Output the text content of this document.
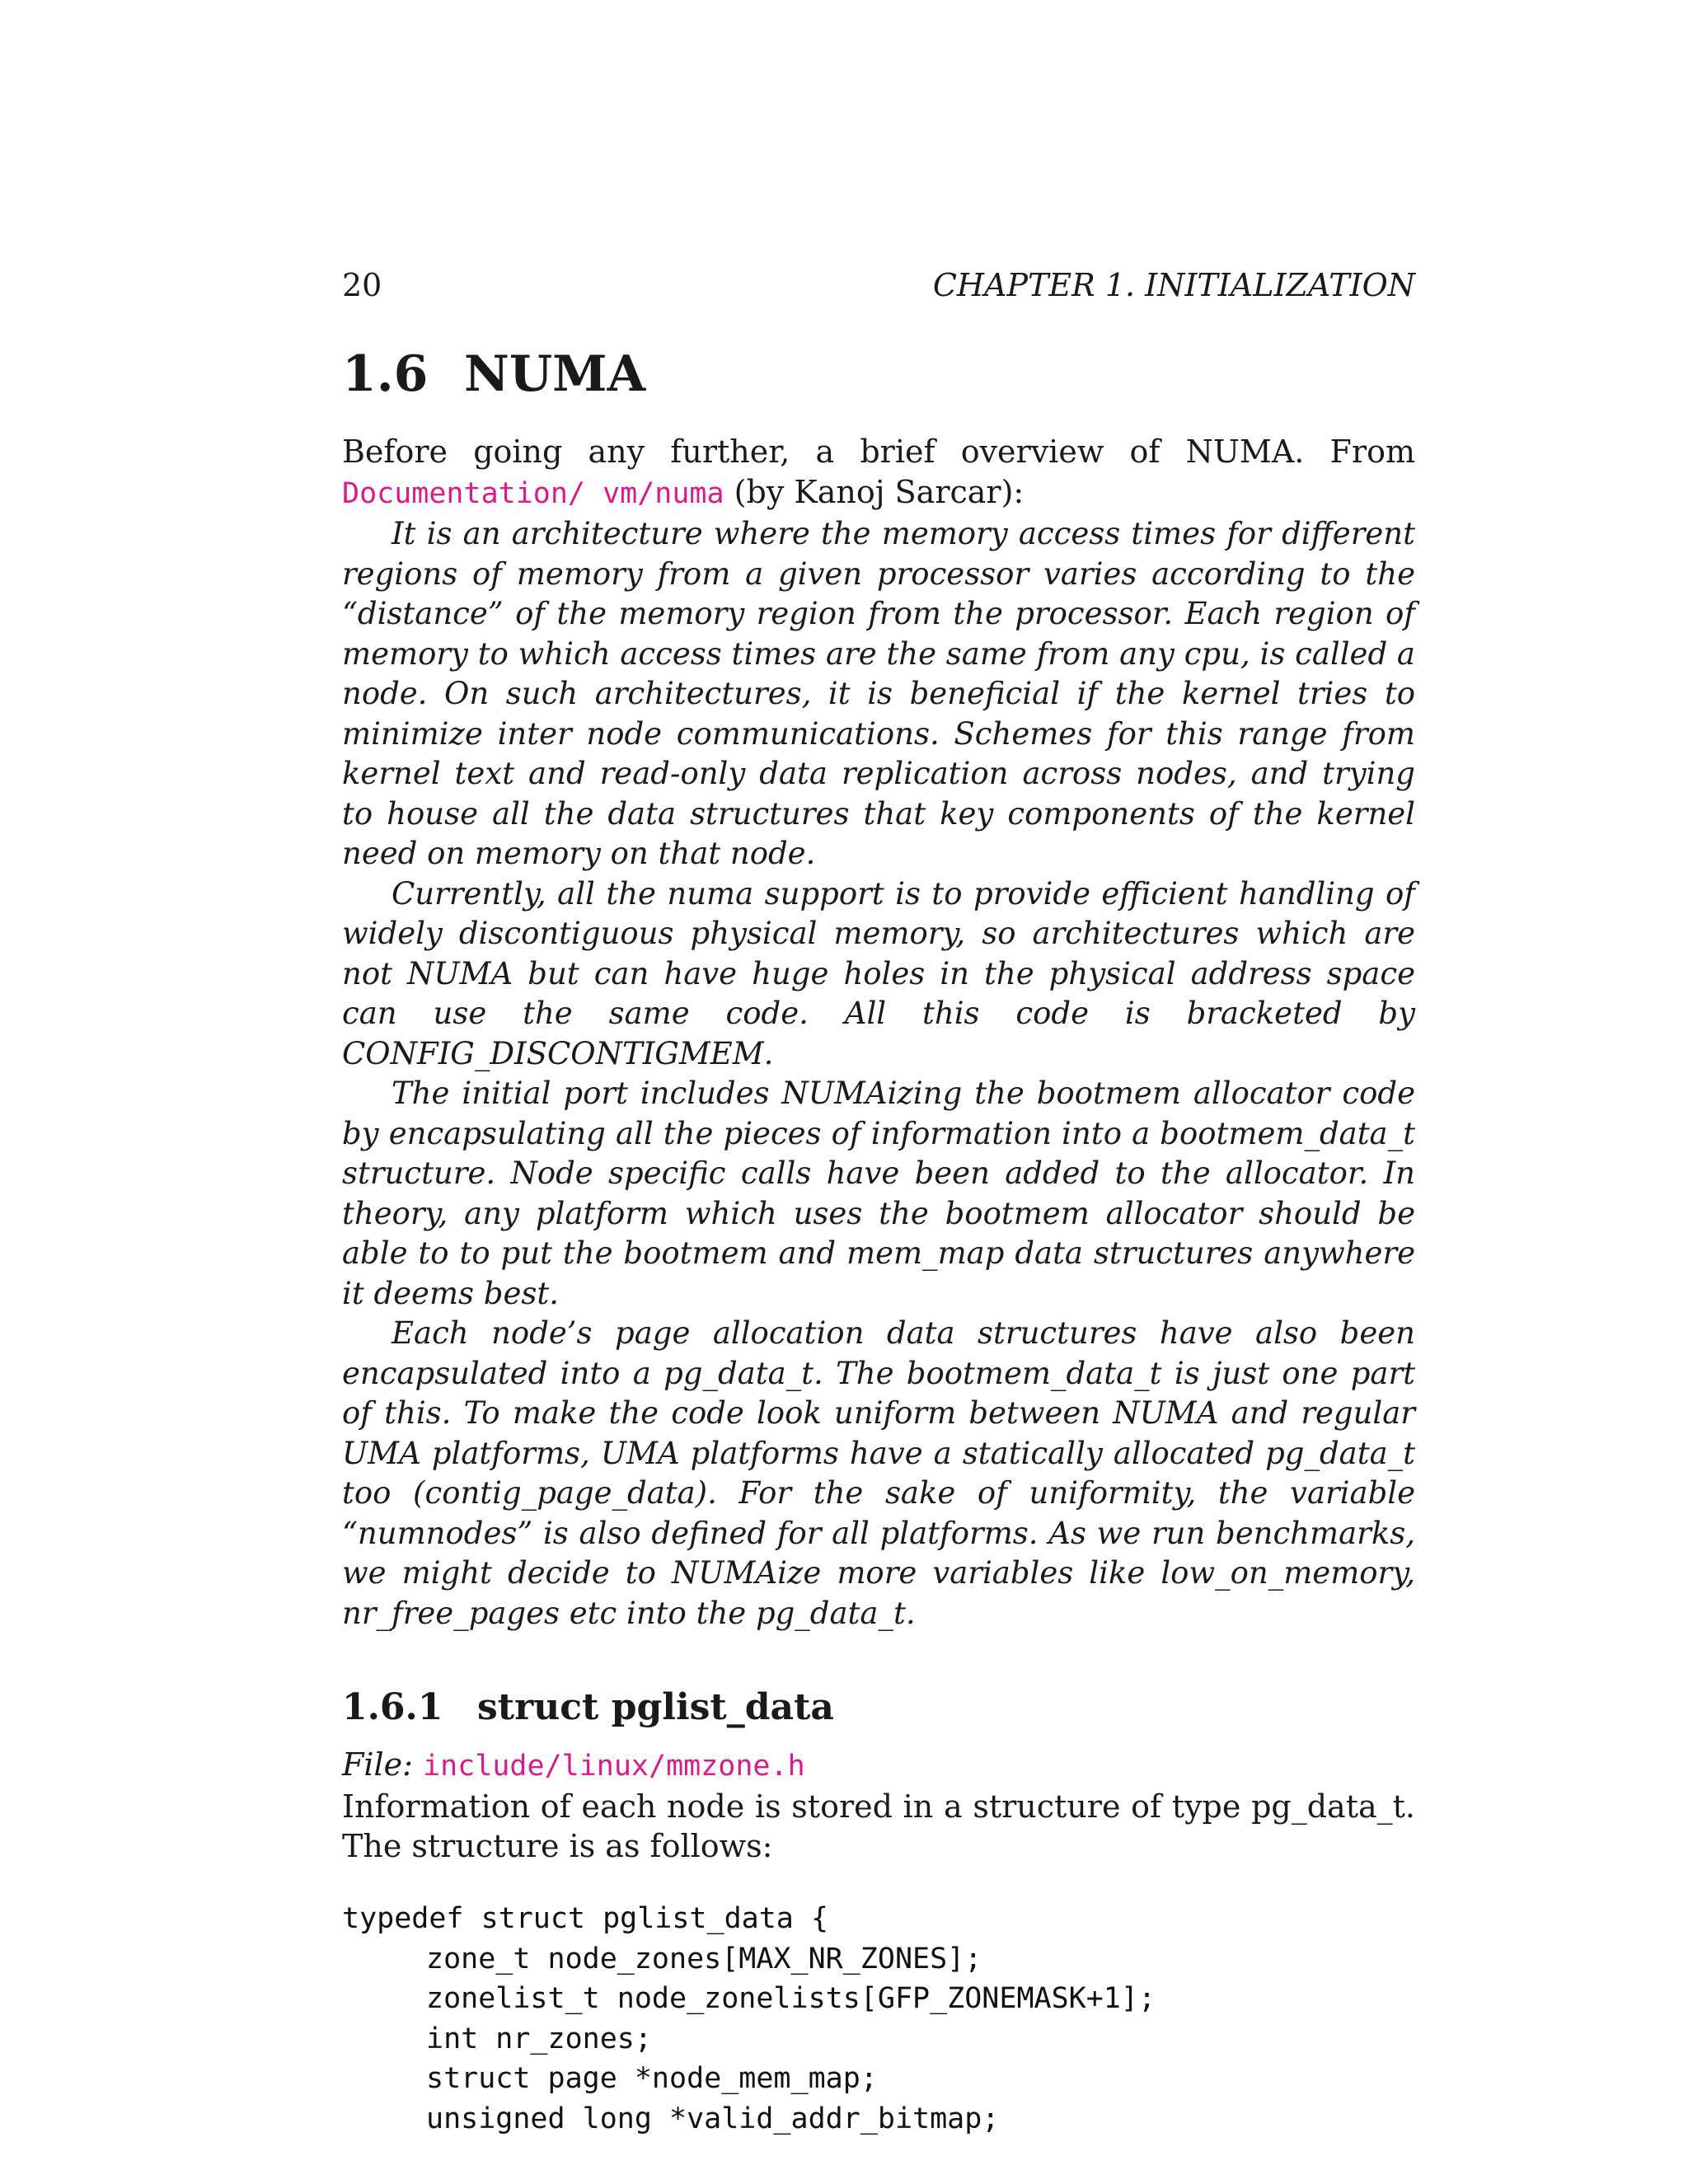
20	CHAPTER 1. INITIALIZATION
1.6 NUMA
Before going any further, a brief overview of NUMA. From Documentation/ vm/numa (by Kanoj Sarcar):

It is an architecture where the memory access times for different regions of memory from a given processor varies according to the “distance” of the memory region from the processor. Each region of memory to which access times are the same from any cpu, is called a node. On such architectures, it is beneficial if the kernel tries to minimize inter node communications. Schemes for this range from kernel text and read-only data replication across nodes, and trying to house all the data structures that key components of the kernel need on memory on that node.

Currently, all the numa support is to provide efficient handling of widely discontiguous physical memory, so architectures which are not NUMA but can have huge holes in the physical address space can use the same code. All this code is bracketed by CONFIG_DISCONTIGMEM.

The initial port includes NUMAizing the bootmem allocator code by encapsulating all the pieces of information into a bootmem_data_t structure. Node specific calls have been added to the allocator. In theory, any platform which uses the bootmem allocator should be able to to put the bootmem and mem_map data structures anywhere it deems best.

Each node’s page allocation data structures have also been encapsulated into a pg_data_t. The bootmem_data_t is just one part of this. To make the code look uniform between NUMA and regular UMA platforms, UMA platforms have a statically allocated pg_data_t too (contig_page_data). For the sake of uniformity, the variable “numnodes” is also defined for all platforms. As we run benchmarks, we might decide to NUMAize more variables like low_on_memory, nr_free_pages etc into the pg_data_t.

1.6.1 struct pglist_data
File: include/linux/mmzone.h
Information of each node is stored in a structure of type pg_data_t. The structure is as follows:
typedef struct pglist_data {
zone_t node_zones[MAX_NR_ZONES];
zonelist_t node_zonelists[GFP_ZONEMASK+1];
int nr_zones;
struct page *node_mem_map;
unsigned long *valid_addr_bitmap;
